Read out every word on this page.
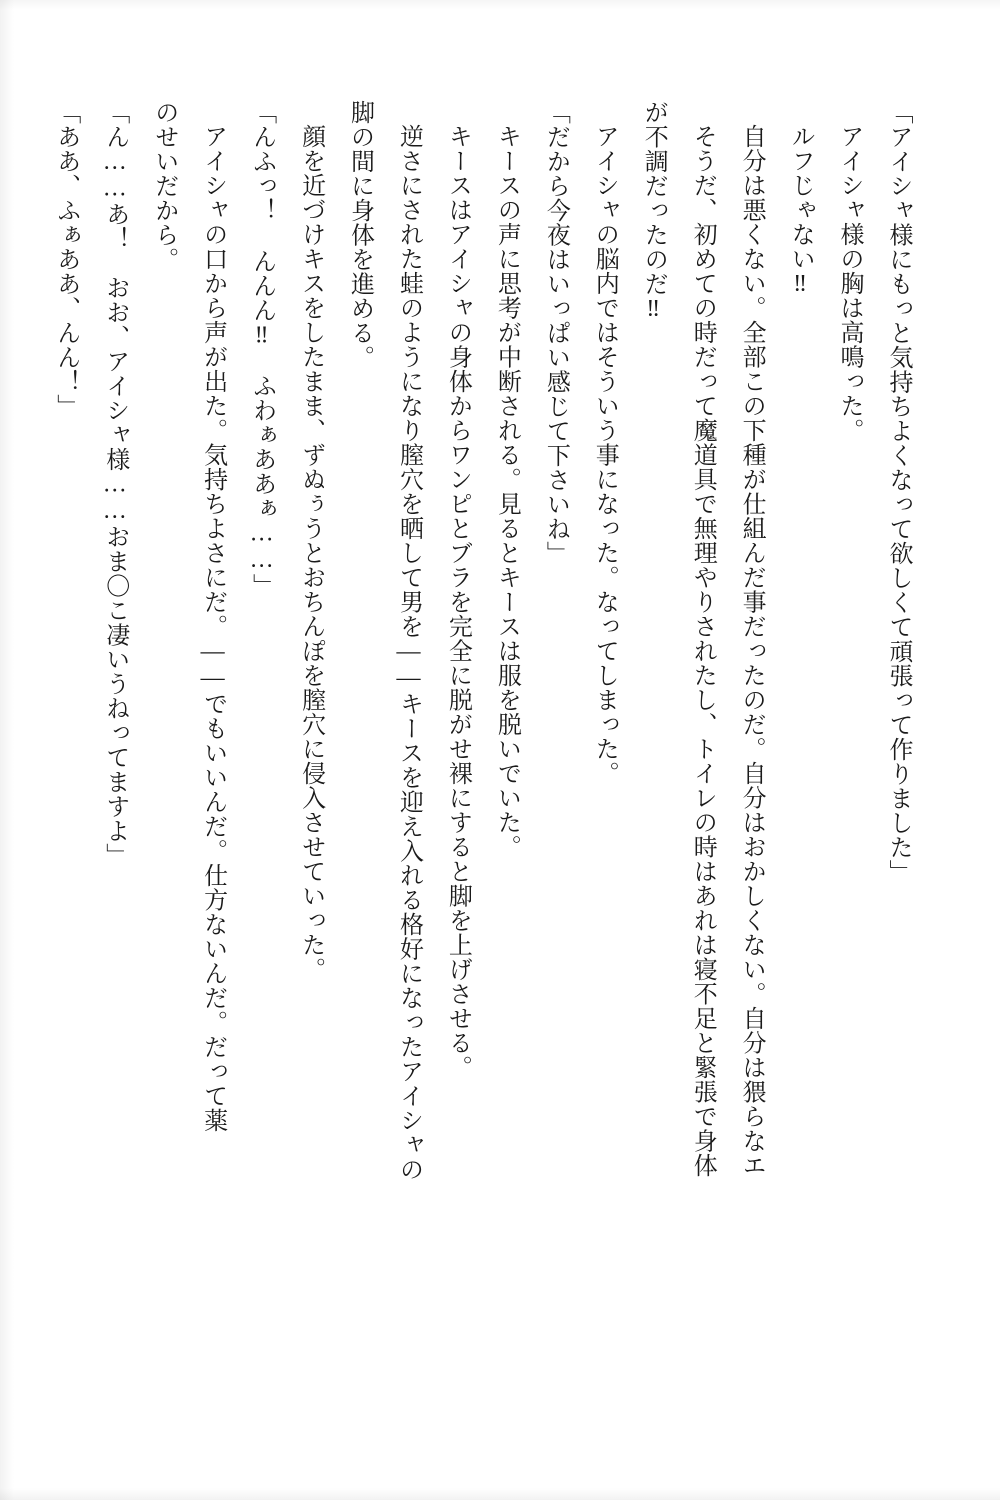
「アイシャ様にもっと気持ちよくなって欲しくて頑張って作りました」

アイシャ様の胸は高鳴った。

ルフじゃない‼

自分は悪くない。全部この下種が仕組んだ事だったのだ。自分はおかしくない。自分は猥らなエ

そうだ、初めての時だって魔道具で無理やりされたし、トイレの時はあれは寝不足と緊張で身体

が不調だったのだ‼

アイシャの脳内ではそういう事になった。なってしまった。

「だから今夜はいっぱい感じて下さいね」

キースの声に思考が中断される。見るとキースは服を脱いでいた。

キースはアイシャの身体からワンピとブラを完全に脱がせ裸にすると脚を上げさせる。

逆さにされた蛙のようになり膣穴を晒して男を――キースを迎え入れる格好になったアイシャの

脚の間に身体を進める。

顔を近づけキスをしたまま、ずぬぅうとおちんぽを膣穴に侵入させていった。

「んふっ！ んんん‼　ふわぁああぁ……」

アイシャの口から声が出た。気持ちよさにだ。――でもいいんだ。仕方ないんだ。だって薬

のせいだから。

「ん……あ！　おお、アイシャ様……おま〇こ凄いうねってますよ」

「ああ、ふぁああ、んん！」
